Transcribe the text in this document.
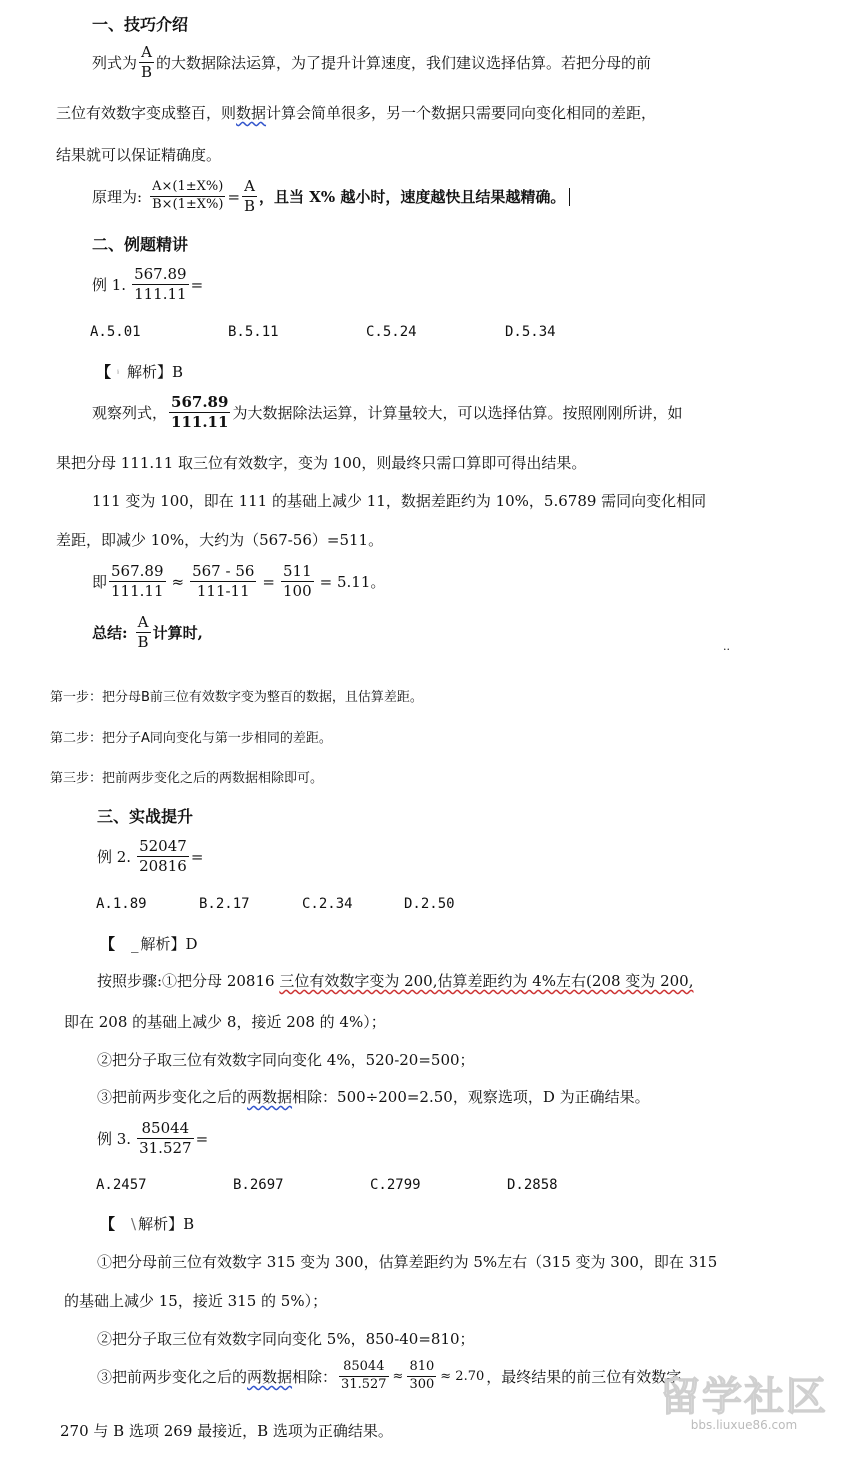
一、技巧介绍
列式为 $\frac{A}{B}$ 的大数据除法运算，为了提升计算速度，我们建议选择估算。若把分母的前
三位有效数字变成整百，则数据计算会简单很多，另一个数据只需要同向变化相同的差距，
结果就可以保证精确度。
原理为: $\frac{A\times(1\pm X\%)}{B\times(1\pm X\%)} = \frac{A}{B}$ ，且当 X% 越小时，速度越快且结果越精确。
二、例题精讲
例 1. $\frac{567.89}{111.11}$ =
A.5.01	B.5.11	C.5.24	D.5.34
【 ⁱ 解析】B
观察列式， $\frac{567.89}{111.11}$ 为大数据除法运算，计算量较大，可以选择估算。按照刚刚所讲，如
果把分母 111.11 取三位有效数字，变为 100，则最终只需口算即可得出结果。
111 变为 100，即在 111 的基础上减少 11，数据差距约为 10%，5.6789 需同向变化相同
差距，即减少 10%，大约为（567-56）=511。
即 $\frac{567.89}{111.11} \approx \frac{567 - 56}{111-11} = \frac{511}{100} = 5.11$。
总结: $\frac{A}{B}$ 计算时,
..
第一步：把分母B前三位有效数字变为整百的数据，且估算差距。
第二步：把分子A同向变化与第一步相同的差距。
第三步：把前两步变化之后的两数据相除即可。
三、实战提升
例 2. $\frac{52047}{20816}$ =
A.1.89	B.2.17	C.2.34	D.2.50
【 _ 解析】D
按照步骤:①把分母 20816 三位有效数字变为 200,估算差距约为 4%左右(208 变为 200,
即在 208 的基础上减少 8，接近 208 的 4%）；
②把分子取三位有效数字同向变化 4%，520-20=500；
③把前两步变化之后的两数据相除：500÷200=2.50，观察选项，D 为正确结果。
例 3. $\frac{85044}{31.527}$ =
A.2457	B.2697	C.2799	D.2858
【 \ 解析】B
①把分母前三位有效数字 315 变为 300，估算差距约为 5%左右（315 变为 300，即在 315
的基础上减少 15，接近 315 的 5%）；
②把分子取三位有效数字同向变化 5%，850-40=810；
③把前两步变化之后的 两数据 相除： $\frac{85044}{31.527} \approx \frac{810}{300} \approx 2.70$ ，最终结果的前三位有效数字
270 与 B 选项 269 最接近，B 选项为正确结果。
留学社区
bbs.liuxue86.com
